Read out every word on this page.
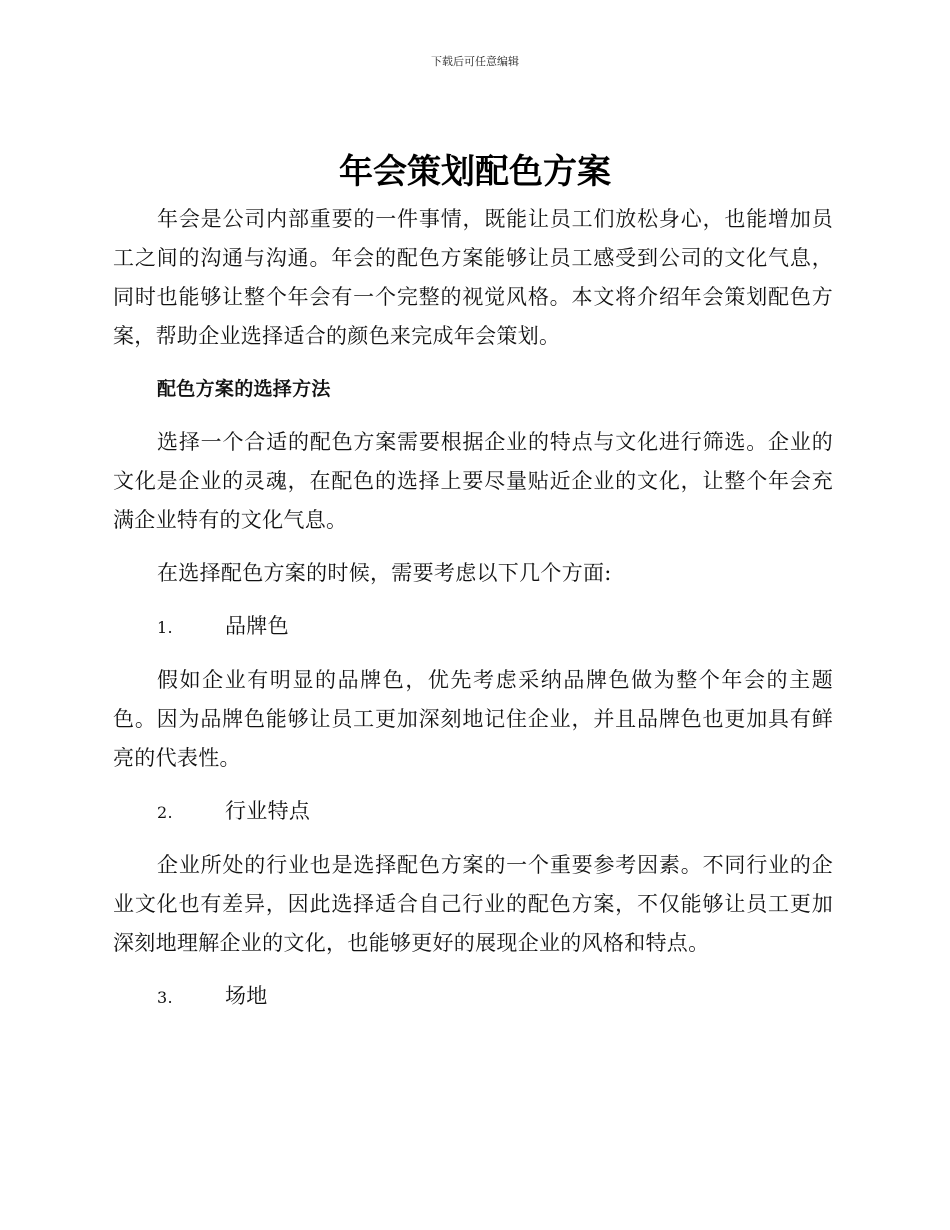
下载后可任意编辑
年会策划配色方案

年会是公司内部重要的一件事情，既能让员工们放松身心，也能增加员工之间的沟通与沟通。年会的配色方案能够让员工感受到公司的文化气息，同时也能够让整个年会有一个完整的视觉风格。本文将介绍年会策划配色方案，帮助企业选择适合的颜色来完成年会策划。

配色方案的选择方法

选择一个合适的配色方案需要根据企业的特点与文化进行筛选。企业的文化是企业的灵魂，在配色的选择上要尽量贴近企业的文化，让整个年会充满企业特有的文化气息。

在选择配色方案的时候，需要考虑以下几个方面:

1.	品牌色

假如企业有明显的品牌色，优先考虑采纳品牌色做为整个年会的主题色。因为品牌色能够让员工更加深刻地记住企业，并且品牌色也更加具有鲜亮的代表性。

2.	行业特点

企业所处的行业也是选择配色方案的一个重要参考因素。不同行业的企业文化也有差异，因此选择适合自己行业的配色方案，不仅能够让员工更加深刻地理解企业的文化，也能够更好的展现企业的风格和特点。

3.	场地
